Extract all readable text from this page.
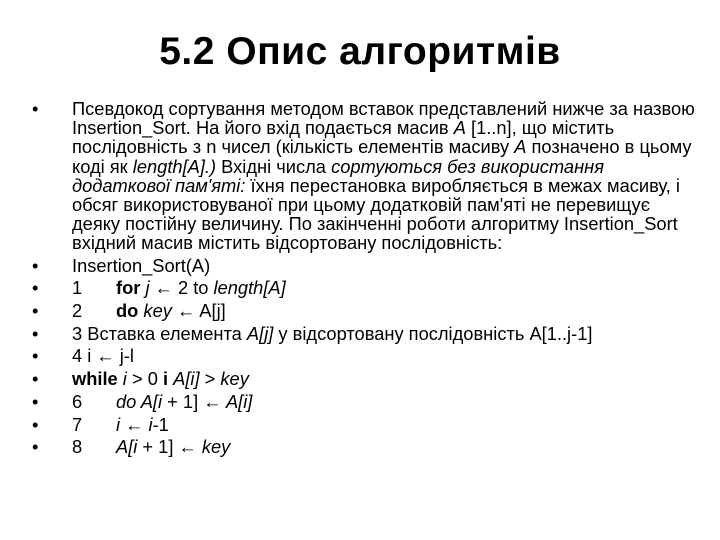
5.2 Опис алгоритмів
•	Псевдокод сортування методом вставок представлений нижче за назвою Insertion_Sort. На його вхід подається масив А [1..n], що містить послідовність з n чисел (кількість елементів масиву А позначено в цьому коді як length[A].) Вхідні числа сортуються без використання додаткової пам'яті: їхня перестановка виробляється в межах масиву, і обсяг використовуваної при цьому додатковій пам'яті не перевищує деяку постійну величину. По закінченні роботи алгоритму Insertion_Sort вхідний масив містить відсортовану послідовність:
•	Insertion_Sort(A)
•	1 for j ← 2 to length[A]
•	2 do key ← A[j]
•	3 Вставка елемента A[j] у відсортовану послідовність A[1..j-1]
•	4 i ← j-l
•	while i > 0 і A[i] > key
•	6 do A[i + 1] ← A[i]
•	7 i ← i-1
•	8 A[i + 1] ← key
